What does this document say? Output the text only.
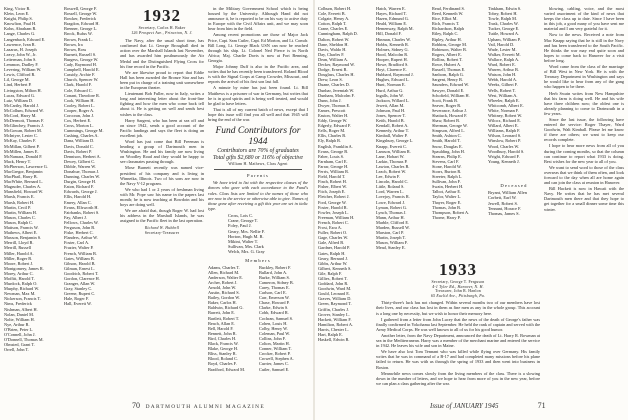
King, Victor R.
Klein, Leon E.
Knight, Philip S.
Knowlton, Paul H.
Kohn, Abraham R.
Lange, Charles G.
Langenbach, Edward E.
Lawrence, Ivan R.
Lazarus, H. Joseph
Leavy, John W., Jr.
Leiterman, John S.
Lemmon, Dudley F.
Levering, William W.
Lewis, Clifford R.
Lil, George M.
Lind, Herbert P.
Livingston, Milton H.
Lucas, Edward G.
Lutz, William D.
McCarthy, Harold J.
McCollum, Edward W.
McCord, Harry M.
McDermott, Thomas F.
McGlinchey, Francis J.
McGowan, Robert M.
McIntyre, Lester C.
McKay, Charles F.
McMillan, Gilbert P.
McMillen, James E.
McNamara, Donald F.
Mack, Henry T.
McPherson, Lawrence G.
MacGregor, Benjamin
MacPhail, Harry B.
MacWhite, Bernard L.
Magruder, Charles A.
Mansfield, Howard W.
Marsh, Francis E.
Marsh, Robert H.
Martin, Cecil P.
Martin, William H.
Mason, Charles C.
Mason, Ralph C.
Mattson, Francis W.
Mathews, Albert E.
Maxson, Benjamin S.
Merrill, Lloyd R.
Merrill, Russell
Miller, Harold A.
Miller, Roger B.
Moore, Robert J.
Montgomery, James R.
Morey, Arthur C.
Moffitt, Harold T.
Murdock, Ralph O.
Murphy, Richard W.
Newman, Max M.
Nickerson, Francis T.
Nims, Frederick
Nishman, Albert H.
Nolan, Daniel M.
Nolte, William H.
Nye, Arthur R.
O'Brien, Peter L.
O'Connell, John J.
O'Donnell, Thomas M.
Olmsted, Grant T.
Orrell, John T.
Boswell, George F.
Bossell, George W.
Bowker, Frederick
Bragdon, Edward H.
Brenner, George L.
Brock, Rufus W.
Brown, Frank L.
Brown, Ira
Brown, Ross
Burnett, Russell S.
Burgess, George W.
Cady, Raymond H.
Campbell, Harold E.
Cassidy, Archie F.
Church, Spencer W.
Clark, Harold F.
Cole, Edward C.
Conant, Theodore R.
Cook, William H.
Cooley, Robert L.
Cooper, Roger A.
Corcoran, John J.
Cox, Herbert E.
Cross, Morton L.
Cummings, George M.
Cushing, Charles A.
Dana, William D.
Davis, Donald C.
Davis, Robert P.
Dennison, Herbert A.
Dewey, Gilbert C.
Dibble, Warren W.
Donahue, Thomas J.
Dunning, Charles W.
Durgin, George H.
Eaton, Richard F.
Edwards, George J.
Ellis, Harold H.
Emery, Allan C.
Evans, Ellsworth H.
Fairbanks, Robert S.
Fay, Albert J.
Fellows, Charles W.
Ferguson, John B.
Fiske, Herbert C.
Flanders, Arthur W.
Foster, Carl A.
Frazier, Walter P.
French, William B.
Gates, William B.
Gibson, Harold B.
Gilman, Ernest L.
Goodrich, Robert T.
Gordon, Clarence H.
Granger, Allan W.
Gray, Stanley C.
Greene, Rupert C.
Hale, Roger F.
Hall, Everett W.
1932
Secretary, Carlos H. Baker
126 Prospect Ave., Princeton, N. J.
The Navy, after the usual short time, has confirmed that Lt. George Broughall died in action over the Marshall Islands last November, and has awarded him posthumously the Air Medal and the Distinguished Flying Cross for his fine record in the Pacific.
We are likewise proud to report that Eddie Hall has been awarded the Bronze Star and has been put in charge of a training unit somewhere in the European theater.
Lieutenant Bob Fuller, now in Italy, writes a long and interesting letter about the front-line fighting and how the men who come back tell about it. He is getting on well and sends best wishes to the class.
Harry Sargent, who has been at sea off and on since 1942, sends a good account of the Pacific landings and says the fleet is doing an excellent job.
Word has just come that Bill Freeman is heading a group of Dartmouth men in Washington. He and his family are now living on Woodley Road and they would be happy to see classmates passing through.
Mose Burnett recently was named vice-president of his company and is living in Winnetka, Illinois. Two of his sons are now in the Navy V-12 program.
We who had 1 or 2 years of freshman living with Mr. Pope saw his name in the papers last month; he is now teaching at Bowdoin and his boys are doing well.
We are afraid that, though Roger W. had lost his address in the Marshall Islands, he was assigned to the Pacific fleet in the last operation.
Richard W. Hubbell
Secretary-Treasurer
in the Military Government School which is being housed by the University. Although Hand did not announce it, he is reported to be on his way to active duty in Europe with the Civil Affairs unit, and we may soon hear from him in the field.
Among recent promotions are those of Major Jack Price, Capt. Sam Cutler, Capt. Ed Morton, and Lt. Comdr. Bill Long. Lt. George Black USN can now be reached through his ship. Lt. Colonel Ned Pierce is in North Africa; Maj. Charlie Davis is now at Fort Benning, Georgia.
Major Johnny Duff is also in the Pacific area, and writes that he has recently been transferred. Roland Blood is with the Signal Corps at Camp Crowder, Missouri, and reports the arrival of his first son last fall.
A minute by mine has just been found. Lt. Bill Matthews is a prisoner of war in Germany, but writes that he is in good spirits and is being well treated, and would be glad to have letters.
That is all of my current batch of news, except that I hope this issue will find you all well and that 1945 will bring the end of the war.
Fund Contributors for 1944
Contributors are 70% of graduates
Total gifts $2,680 or 116% of objective
William H. Mathews, Class Agent
Parents
We have tried to list with the respective classes of the donors who gave with each accordance to the Fund's rules. Class lists are limited to the names of those who are now in the service or otherwise able to give. Names of those gone after receiving a gift this year are set in italic type.
Cross, Lois C.
Crane, George T.
Foley, Paul J.
Geary, Mrs. Nellie F.
Horton, Hugh M. R.
Mikini, Walter T.
Sullivan, Mrs. Clark
Welch, Mrs. G. Gray
Members
Adams, Charles T.
Allen, Richard M.
Anderson, Walter E.
Archer, Robert J.
Arnold, John W.
Austin, Richard S.
Bailey, Gordon W.
Baker, Carlos H.
Baldwin, Richard G.
Barrett, John E.
Bartlett, Robert T.
Beach, Allan E.
Bell, Harold F.
Bennett, John R.
Bird, Charles H.
Black, Francis W.
Blake, George H.
Bliss, Stanley R.
Blood, Roland C.
Boyd, Charles F.
Bradford, Edward M.
Buckley, Robert F.
Bullard, John A.
Burke, William S.
Cameron, Sidney B.
Carey, Thomas E.
Carlson, Carl E.
Carr, Emerson W.
Chase, Howard P.
Clarke, Edwin S.
Cobb, Edward R.
Cochran, Samuel S.
Cohen, Louis H.
Colby, Henry W.
Coleman, Paul W.
Collins, John F.
Colton, Martin H.
Conner, William T.
Crocker, Robert P.
Crowell, Stephen A.
Currier, James C.
Cutler, Samuel E.
70 DARTMOUTH ALUMNI MAGAZINE
Colburn, Robert H.
Cole, Everett B.
Colgate, Henry A.
Cotton, Ralph T.
Crane, Charles E.
Cunningham, Ralph D.
Dalton, Robert W.
Dane, Sheldon H.
Davis, Waldo H.
Day, Charles F.
Dean, William A.
Decker, Raymond W.
Dodge, Ernest R.
Douglass, Charles H.
Drew, Leon S.
Duane, Charles D.
Dunbar, Jeremiah W.
Dunham, Malcolm F.
Dunn, John J.
Dwyer, Thomas E.
Eames, Prescott
Easton, Walter H.
Eddy, George W.
Edgerly, Edward F.
Eells, Roger M.
Ellis, Charles B.
Ely, Ralph R.
English, Franklin A.
Evans, George B.
Faber, Louis S.
Farnham, Carl E.
Farrar, George H.
Ferris, William R.
Field, Harold T.
Finch, Robert H.
Fisher, Elbert W.
Fitch, Joseph E.
Fletcher, Robert J.
Ford, George W.
Foster, Harold R.
Fowler, Joseph L.
Freeman, William H.
French, Robert C.
Frost, Ezra A.
Fuller, Robert O.
Gage, Charles W.
Gale, Alfred B.
Gardner, Harold P.
Gates, Ralph H.
Geary, Bernard J.
Gibbs, Arthur W.
Gilbert, Kenneth S.
Gile, Ralph F.
Gillies, Robert T.
Goddard, John R.
Goodwin, Ward M.
Gould, Leonard E.
Graves, William D.
Green, Raymond T.
Griffin, Charles J.
Grover, Stanley L.
Hackett, William F.
Hamilton, Robert A.
Harris, Chester L.
Hart, Ralph E.
Haskell, Edwin R.
Hatch, Warren E.
Hayes, Richard T.
Hazen, Edmund G.
Heald, William E.
Hemenway, Ralph M.
Hill, Donald F.
Hinman, Charles W.
Hobbs, Kenneth R.
Holmes, Sidney G.
Hood, Malcolm R.
Hooper, Rupert H.
Howe, Bradford S.
Hoyt, Clarence E.
Hubbard, Raymond J.
Hughes, Edward L.
Hunt, Norman E.
Hurd, Arthur G.
Ingalls, John W.
Jackson, Willard L.
Jewett, Allan M.
Johnson, Paul H.
Jones, Spencer T.
Keith, Harold B.
Kendall, Robert A.
Kennedy, Arthur T.
Kimball, Walter P.
Kingsbury, George L.
Knapp, Everett C.
Lamson, William R.
Lane, Hobart W.
Larkin, Thomas P.
Lawton, Charles B.
Leach, Robert W.
Lee, Edwin F.
Lincoln, Harold C.
Little, Roland S.
Lord, Warren L.
Lovejoy, Francis R.
Lowe, Edward J.
Lyman, Robert G.
Lynch, Thomas J.
Mann, Arthur H.
Marble, Clifford E.
Marden, Russell W.
Marston, Carl P.
Martin, Joseph T.
Mason, William F.
Mead, Stanley E.
Read, Ferdinand S.
Reed, Kenneth W.
Rice, Elliot M.
Rich, Francis T.
Richardson, Ralph
Riley, Ralph C.
Ripley, Arthur H.
Robbins, George M.
Robinson, Walter B.
Rogers, Albert E.
Rollins, Robert T.
Rowe, Hubert A.
Russell, Thomas E.
Sanborn, Ralph G.
Sargent, Henry B.
Saunders, Edward W.
Sawyer, Donald E.
Schofield, William H.
Scott, Frank B.
Seaver, Roger R.
Severance, Arthur J.
Shattuck, Howard F.
Shaw, Robert B.
Sherman, George W.
Simpson, Alfred L.
Smith, Ashton C.
Smith, Harold T.
Snow, Douglas E.
Spaulding, John H.
Stearns, Philip E.
Stevens, Carl F.
Stone, Harold W.
Storrs, Burton R.
Streeter, Ralph L.
Sullivan, John F.
Swain, Herbert H.
Talbot, Arthur E.
Taylor, Walter L.
Thayer, Roger E.
Thomas, John B.
Thompson, Robert A.
Thorne, Harry P.
Tinkham, Edwin S.
Tobey, Robert H.
Towle, Ralph M.
Trask, Charles W.
Tucker, George E.
Tuttle, Howard A.
Upham, William P.
Vail, Harold D.
Wade, Lester M.
Walker, Everett M.
Wallace, Ralph A.
Ward, Robert E.
Warren, Arthur B.
Watson, John H.
Webb, Harold A.
Weeks, Gilbert F.
Wells, Robert T.
West, William A.
Wheeler, Ralph E.
Whitcomb, Albert E.
White, Norman F.
Whitney, Robert W.
Wilcox, Richard E.
Willard, Albert E.
Williams, Ralph F.
Wilson, Leonard S.
Winslow, Robert P.
Wood, Charles W.
Woodbury, Harold S.
Wright, Edward F.
Young, Kenneth J.
Deceased
Bryant, William Allen
Corbett, Earl W.
Jewell, Robert S.
Tennant, Horace F.
Thomas, James S.
1933
Secretary, George T. Ferguson
4-1 Tyler Rd., Hanover, N. H.
Treasurer, John R. Hanlon
65 Euclid Ave., Pittsburgh, Pa.
Thirty-three's luck has not changed. Within several months two of our members have lost their lives, and our class has lost in them as fine men as any in the whole group. This account is a long one by necessity, but we wish to honor their memory here.
I gathered from a letter from John Lucey that the news of the death of George's father was finally confirmed in Yokohama last September. He held the rank of captain and served with the Army Medical Corps. He was well known to all of us for his good humor.
Another letter, from the Navy Department, announced the death of Lt. Harry R. Bowman at sea in the Mediterranean. Harry was a member of the merchant marine and entered the service in 1942. He leaves his wife and son in Maine.
We have also lost Tom Tennant who was killed while flying over Germany. His family writes that he was in command of a B-17 and had completed many missions before his plane failed to return. He was with us through the spring of 1933 and then went into business in Boston.
Meanwhile news comes slowly from the living members of the class. There is a slowing down in the number of letters, and we hope to hear from more of you in the new year, before we can plan a class gathering after the war.
blowing, cabling, voice, and the most varied assortment of the kind of news that keeps the class up to date. Since I have been in this job, a good many of you have sent me material and I am very grateful for it.
Now to the news. Received a note from Mac Knapp saying that he is still in the Navy and has been transferred to the South Pacific. He thinks the war may end quite soon and hopes to come back to Hanover for a visit before long.
Word came from the class of the marriage of Bill West in New York. He is with the Treasury Department in Washington and says he would like to hear from any of the gang who happen to be there.
Herb Swain writes from New Hampshire that his farm is doing well. He and his wife have three children now; the oldest one is already planning to come to Dartmouth in a few years.
Since the last issue, the following have entered the service: Roger Thayer, Ward Goodwin, Walt Kimball. Please let me know if there are others; we want to keep our records complete.
I hope to hear more news from all of you during the coming months, so that the column can continue to report what 1933 is doing. Best wishes for the new year to all of you.
We want to send word to those of the class overseas that we think of them often, and look forward to the day when all are home again and can join the class at reunion in Hanover.
Bill Hackett is now in Hawaii with the Navy. He writes that he has met several Dartmouth men there and that they hope to get together for a small dinner some time this winter.
Issue of JANUARY 1945	71
